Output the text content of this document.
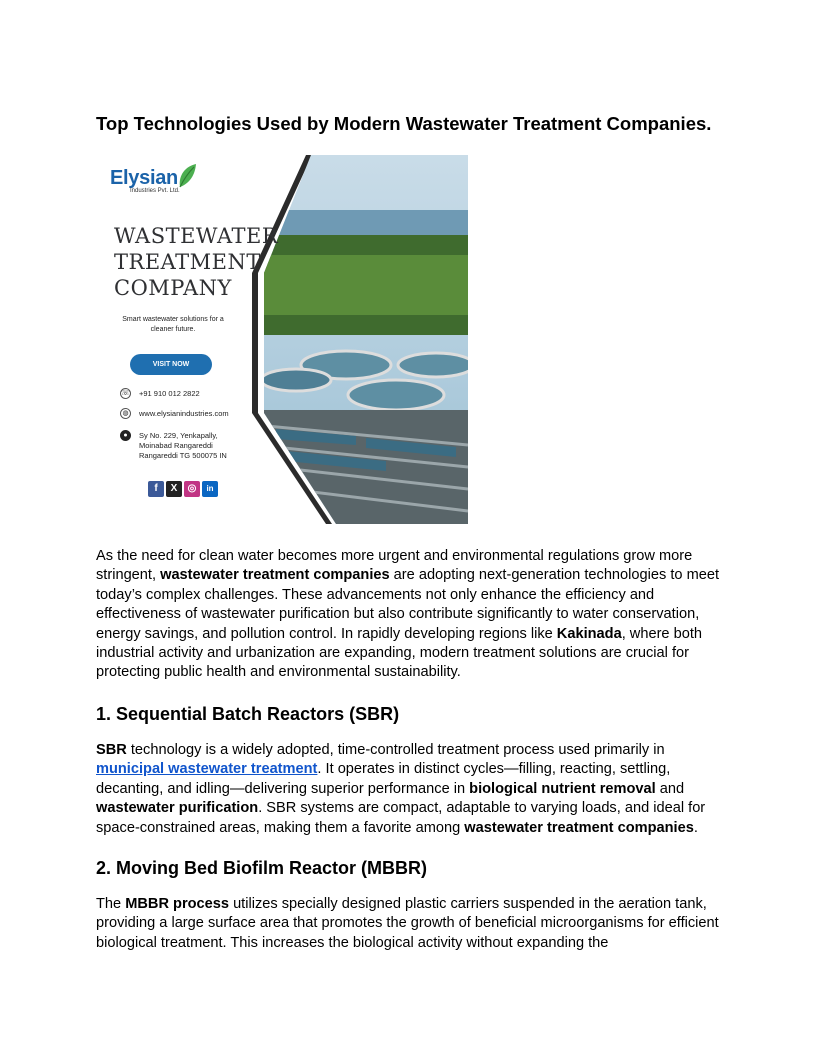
Top Technologies Used by Modern Wastewater Treatment Companies.
Elysian
Industries Pvt. Ltd.
WASTEWATER
TREATMENT
COMPANY
Smart wastewater solutions for a cleaner future.
VISIT NOW
☏ +91 910 012 2822
◍	www.elysianindustries.com
●	Sy No. 229, Yenkapally,
Moinabad Rangareddi
Rangareddi TG 500075 IN
f	X	◎	in

As the need for clean water becomes more urgent and environmental regulations grow more stringent, wastewater treatment companies are adopting next-generation technologies to meet today’s complex challenges. These advancements not only enhance the efficiency and effectiveness of wastewater purification but also contribute significantly to water conservation, energy savings, and pollution control. In rapidly developing regions like Kakinada, where both industrial activity and urbanization are expanding, modern treatment solutions are crucial for protecting public health and environmental sustainability.

1. Sequential Batch Reactors (SBR)

SBR technology is a widely adopted, time-controlled treatment process used primarily in municipal wastewater treatment. It operates in distinct cycles—filling, reacting, settling, decanting, and idling—delivering superior performance in biological nutrient removal and wastewater purification. SBR systems are compact, adaptable to varying loads, and ideal for space-constrained areas, making them a favorite among wastewater treatment companies.

2. Moving Bed Biofilm Reactor (MBBR)

The MBBR process utilizes specially designed plastic carriers suspended in the aeration tank, providing a large surface area that promotes the growth of beneficial microorganisms for efficient biological treatment. This increases the biological activity without expanding the
